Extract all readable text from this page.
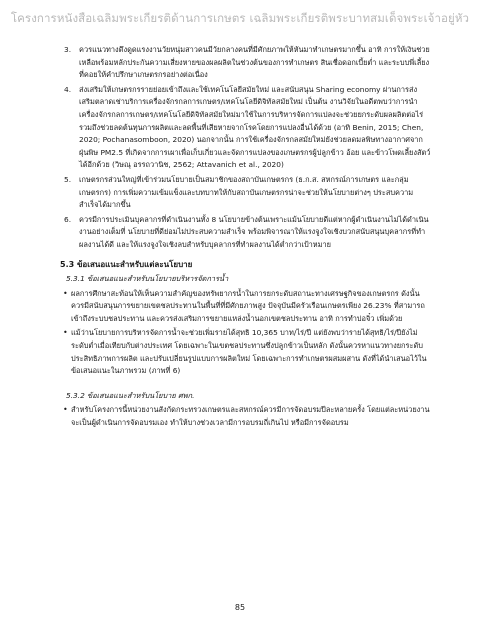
โครงการหนังสือเฉลิมพระเกียรติด้านการเกษตร เฉลิมพระเกียรติพระบาทสมเด็จพระเจ้าอยู่หัว
3. ควรแนวทางดึงดูดแรงงานวัยหนุ่มสาวคนมีวัยกลางคนที่มีศักยภาพให้หันมาทำเกษตรมากขึ้น อาทิ การให้เงินช่วยเหลือพร้อมหลักประกันความเสี่ยงหายของผลผลิตในช่วงต้นของการทำเกษตร สินเชื่อดอกเบี้ยต่ำ และระบบพี่เลี้ยงที่คอยให้คำปรึกษาเกษตรกรอย่างต่อเนื่อง
4. ส่งเสริมให้เกษตรกรรายย่อยเข้าถึงและใช้เทคโนโลยีสมัยใหม่ และสนับสนุน Sharing economy ผ่านการส่งเสริมตลาดเช่าบริการเครื่องจักรกลการเกษตร/เทคโนโลยีดิจิทัลสมัยใหม่ เป็นต้น งานวิจัยในอดีตพบว่าการนำเครื่องจักรกลการเกษตร/เทคโนโลยีดิจิทัลสมัยใหม่มาใช้ในการบริหารจัดการแปลงจะช่วยยกระดับผลผลิตต่อไร่ รวมถึงช่วยลดต้นทุนการผลิตและลดพื้นที่เสียหายจากโรคโดยการแปลงอื่นได้ด้วย (อาทิ Benin, 2015; Chen, 2020; Pochanasomboon, 2020) นอกจากนั้น การใช้เครื่องจักรกลสมัยใหม่ยังช่วยลดมลพิษทางอากาศจากฝุ่นพิษ PM2.5 ที่เกิดจากการเผาเพื่อเก็บเกี่ยวและจัดการแปลงของเกษตรกรผู้ปลูกข้าว อ้อย และข้าวโพดเลี้ยงสัตว์ได้อีกด้วย (วิษณุ อรรถวานิช, 2562; Attavanich et al., 2020)
5. เกษตรกรส่วนใหญ่ที่เข้าร่วมนโยบายเป็นสมาชิกของสถาบันเกษตรกร (ธ.ก.ส. สหกรณ์การเกษตร และกลุ่มเกษตรกร) การเพิ่มความเข้มแข็งและบทบาทให้กับสถาบันเกษตรกรน่าจะช่วยให้นโยบายต่างๆ ประสบความสำเร็จได้มากขึ้น
6. ควรมีการประเมินบุคลากรที่ดำเนินงานทั้ง 8 นโยบายข้างต้นเพราะแม้นโยบายดีแต่หากผู้ดำเนินงานไม่ได้ดำเนินงานอย่างเต็มที่ นโยบายที่ดีย่อมไม่ประสบความสำเร็จ พร้อมพิจารณาให้แรงจูงใจเชิงบวกสนับสนุนบุคลากรที่ทำผลงานได้ดี และให้แรงจูงใจเชิงลบสำหรับบุคลากรที่ทำผลงานได้ต่ำกว่าเป้าหมาย
5.3 ข้อเสนอแนะสำหรับแต่ละนโยบาย
5.3.1 ข้อเสนอแนะสำหรับนโยบายบริหารจัดการน้ำ
• ผลการศึกษาสะท้อนให้เห็นความสำคัญของทรัพยากรน้ำในการยกระดับสถานะทางเศรษฐกิจของเกษตรกร ดังนั้น ควรมีสนับสนุนการขยายเขตชลประทานในพื้นที่ที่มีศักยภาพสูง ปัจจุบันมีครัวเรือนเกษตรเพียง 26.23% ที่สามารถเข้าถึงระบบชลประทาน และควรส่งเสริมการขยายแหล่งน้ำนอกเขตชลประทาน อาทิ การทำบ่อจิ๋ว เพิ่มด้วย
• แม้ว่านโยบายการบริหารจัดการน้ำจะช่วยเพิ่มรายได้สุทธิ 10,365 บาท/ไร่/ปี แต่ยังพบว่ารายได้สุทธิ/ไร่/ปียังไม่ระดับต่ำเมื่อเทียบกับต่างประเทศ โดยเฉพาะในเขตชลประทานซึ่งปลูกข้าวเป็นหลัก ดังนั้นควรหาแนวทางยกระดับประสิทธิภาพการผลิต และปรับเปลี่ยนรูปแบบการผลิตใหม่ โดยเฉพาะการทำเกษตรผสมผสาน ดังที่ได้นำเสนอไว้ในข้อเสนอแนะในภาพรวม (ภาพที่ 6)
5.3.2 ข้อเสนอแนะสำหรับนโยบาย ศพก.
• สำหรับโครงการนี้หน่วยงานสังกัดกระทรวงเกษตรและสหกรณ์ควรมีการจัดอบรมปีละหลายครั้ง โดยแต่ละหน่วยงานจะเป็นผู้ดำเนินการจัดอบรมเอง ทำให้บางช่วงเวลามีการอบรมถี่เกินไป หรือมีการจัดอบรม
85
